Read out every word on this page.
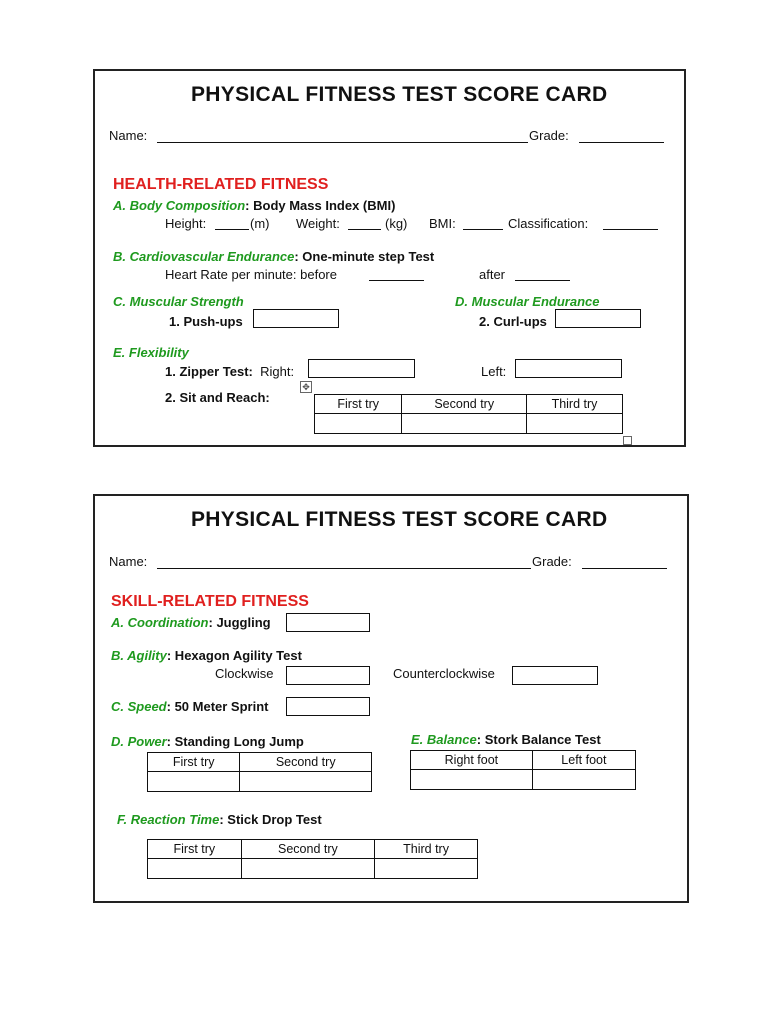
PHYSICAL FITNESS TEST SCORE CARD
Name:	Grade:
HEALTH-RELATED FITNESS
A. Body Composition: Body Mass Index (BMI)
Height:	(m) Weight:	(kg) BMI:	Classification:
B. Cardiovascular Endurance: One-minute step Test
Heart Rate per minute: before	after
C. Muscular Strength
1. Push-ups
D. Muscular Endurance
2. Curl-ups
E. Flexibility
1. Zipper Test: Right:	Left:
✥
2. Sit and Reach:	First try	Second try	Third try

PHYSICAL FITNESS TEST SCORE CARD
Name:	Grade:
SKILL-RELATED FITNESS
A. Coordination: Juggling
B. Agility: Hexagon Agility Test
Clockwise	Counterclockwise
C. Speed: 50 Meter Sprint
D. Power: Standing Long Jump
First try	Second try

E. Balance: Stork Balance Test
Right foot	Left foot

F. Reaction Time: Stick Drop Test
First try	Second try	Third try
